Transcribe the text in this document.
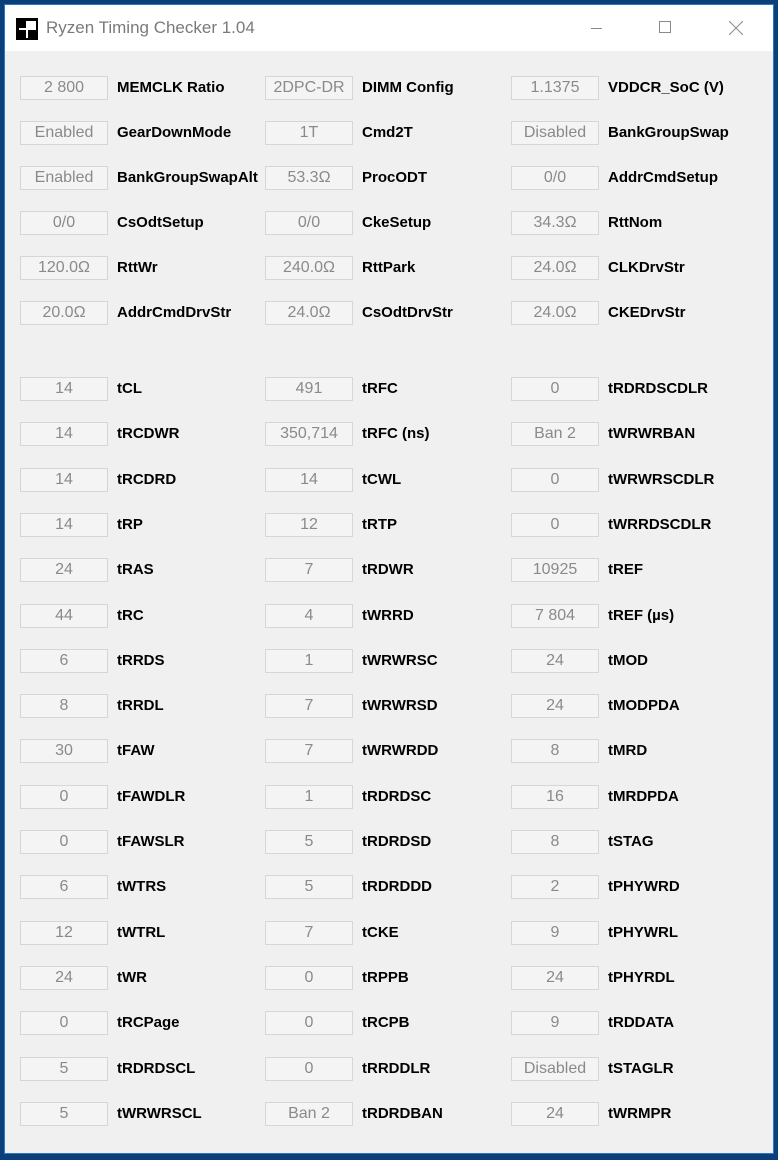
Ryzen Timing Checker 1.04
2 800	MEMCLK Ratio	2DPC-DR	DIMM Config	1.1375	VDDCR_SoC (V)
Enabled	GearDownMode	1T	Cmd2T	Disabled	BankGroupSwap
Enabled	BankGroupSwapAlt	53.3Ω	ProcODT	0/0	AddrCmdSetup
0/0	CsOdtSetup	0/0	CkeSetup	34.3Ω	RttNom
120.0Ω	RttWr	240.0Ω	RttPark	24.0Ω	CLKDrvStr
20.0Ω	AddrCmdDrvStr	24.0Ω	CsOdtDrvStr	24.0Ω	CKEDrvStr
14	tCL	491	tRFC	0	tRDRDSCDLR
14	tRCDWR	350,714	tRFC (ns)	Ban 2	tWRWRBAN
14	tRCDRD	14	tCWL	0	tWRWRSCDLR
14	tRP	12	tRTP	0	tWRRDSCDLR
24	tRAS	7	tRDWR	10925	tREF
44	tRC	4	tWRRD	7 804	tREF (µs)
6	tRRDS	1	tWRWRSC	24	tMOD
8	tRRDL	7	tWRWRSD	24	tMODPDA
30	tFAW	7	tWRWRDD	8	tMRD
0	tFAWDLR	1	tRDRDSC	16	tMRDPDA
0	tFAWSLR	5	tRDRDSD	8	tSTAG
6	tWTRS	5	tRDRDDD	2	tPHYWRD
12	tWTRL	7	tCKE	9	tPHYWRL
24	tWR	0	tRPPB	24	tPHYRDL
0	tRCPage	0	tRCPB	9	tRDDATA
5	tRDRDSCL	0	tRRDDLR	Disabled	tSTAGLR
5	tWRWRSCL	Ban 2	tRDRDBAN	24	tWRMPR
